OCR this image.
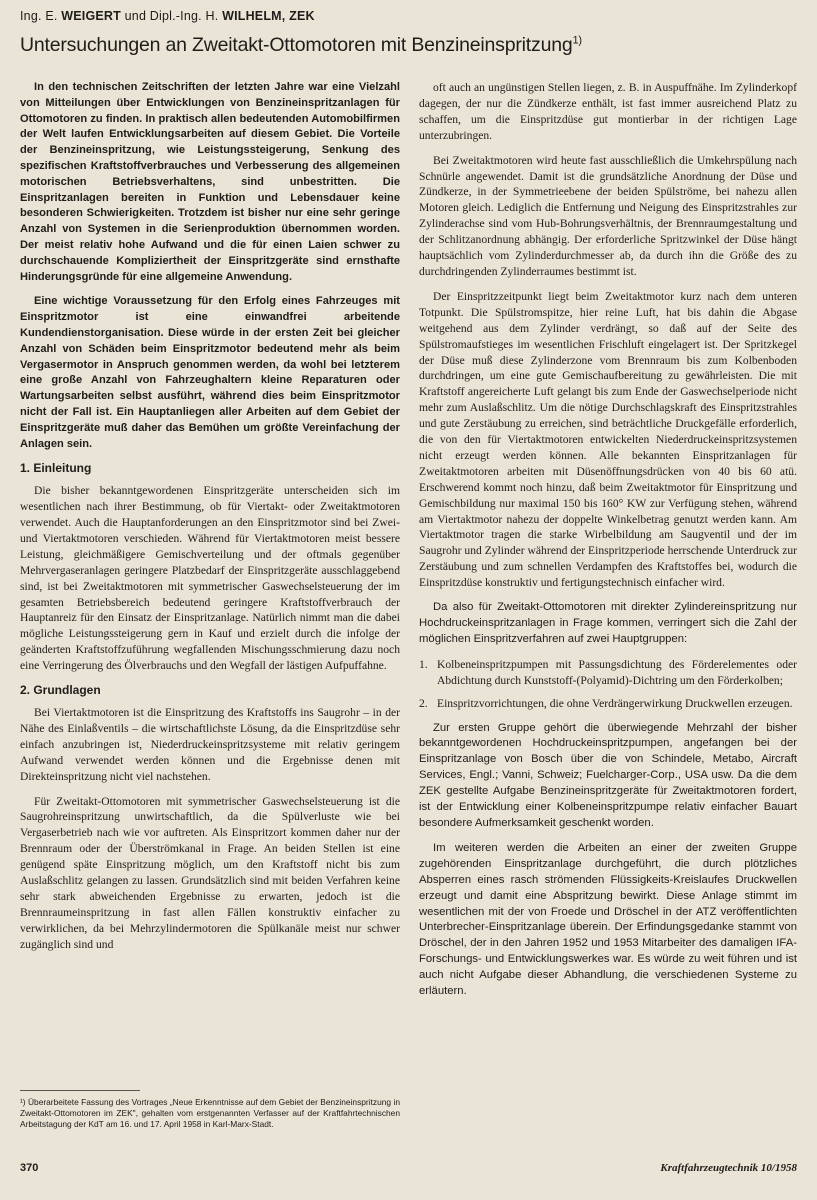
Ing. E. WEIGERT und Dipl.-Ing. H. WILHELM, ZEK
Untersuchungen an Zweitakt-Ottomotoren mit Benzineinspritzung$^{1)}$

In den technischen Zeitschriften der letzten Jahre war eine Vielzahl von Mitteilungen über Entwicklungen von Benzineinspritzanlagen für Ottomotoren zu finden. In praktisch allen bedeutenden Automobilfirmen der Welt laufen Entwicklungsarbeiten auf diesem Gebiet. Die Vorteile der Benzineinspritzung, wie Leistungssteigerung, Senkung des spezifischen Kraftstoffverbrauches und Verbesserung des allgemeinen motorischen Betriebsverhaltens, sind unbestritten. Die Einspritzanlagen bereiten in Funktion und Lebensdauer keine besonderen Schwierigkeiten. Trotzdem ist bisher nur eine sehr geringe Anzahl von Systemen in die Serienproduktion übernommen worden. Der meist relativ hohe Aufwand und die für einen Laien schwer zu durchschauende Kompliziertheit der Einspritzgeräte sind ernsthafte Hinderungsgründe für eine allgemeine Anwendung.

Eine wichtige Voraussetzung für den Erfolg eines Fahrzeuges mit Einspritzmotor ist eine einwandfrei arbeitende Kundendienstorganisation. Diese würde in der ersten Zeit bei gleicher Anzahl von Schäden beim Einspritzmotor bedeutend mehr als beim Vergasermotor in Anspruch genommen werden, da wohl bei letzterem eine große Anzahl von Fahrzeughaltern kleine Reparaturen oder Wartungsarbeiten selbst ausführt, während dies beim Einspritzmotor nicht der Fall ist. Ein Hauptanliegen aller Arbeiten auf dem Gebiet der Einspritzgeräte muß daher das Bemühen um größte Vereinfachung der Anlagen sein.

1. Einleitung

Die bisher bekanntgewordenen Einspritzgeräte unterscheiden sich im wesentlichen nach ihrer Bestimmung, ob für Viertakt- oder Zweitaktmotoren verwendet. Auch die Hauptanforderungen an den Einspritzmotor sind bei Zwei- und Viertaktmotoren verschieden. Während für Viertaktmotoren meist bessere Leistung, gleichmäßigere Gemischverteilung und der oftmals gegenüber Mehrvergaseranlagen geringere Platzbedarf der Einspritzgeräte ausschlaggebend sind, ist bei Zweitaktmotoren mit symmetrischer Gaswechselsteuerung der im gesamten Betriebsbereich bedeutend geringere Kraftstoffverbrauch der Hauptanreiz für den Einsatz der Einspritzanlage. Natürlich nimmt man die dabei mögliche Leistungssteigerung gern in Kauf und erzielt durch die infolge der geänderten Kraftstoffzuführung wegfallenden Mischungsschmierung dazu noch eine Verringerung des Ölverbrauchs und den Wegfall der lästigen Aufpuffahne.

2. Grundlagen

Bei Viertaktmotoren ist die Einspritzung des Kraftstoffs ins Saugrohr – in der Nähe des Einlaßventils – die wirtschaftlichste Lösung, da die Einspritzdüse sehr einfach anzubringen ist, Niederdruckeinspritzsysteme mit relativ geringem Aufwand verwendet werden können und die Ergebnisse denen mit Direkteinspritzung nicht viel nachstehen.

Für Zweitakt-Ottomotoren mit symmetrischer Gaswechselsteuerung ist die Saugrohreinspritzung unwirtschaftlich, da die Spülverluste wie bei Vergaserbetrieb nach wie vor auftreten. Als Einspritzort kommen daher nur der Brennraum oder der Überströmkanal in Frage. An beiden Stellen ist eine genügend späte Einspritzung möglich, um den Kraftstoff nicht bis zum Auslaßschlitz gelangen zu lassen. Grundsätzlich sind mit beiden Verfahren keine sehr stark abweichenden Ergebnisse zu erwarten, jedoch ist die Brennraumeinspritzung in fast allen Fällen konstruktiv einfacher zu verwirklichen, da bei Mehrzylindermotoren die Spülkanäle meist nur schwer zugänglich sind und

oft auch an ungünstigen Stellen liegen, z. B. in Auspuffnähe. Im Zylinderkopf dagegen, der nur die Zündkerze enthält, ist fast immer ausreichend Platz zu schaffen, um die Einspritzdüse gut montierbar in der richtigen Lage unterzubringen.

Bei Zweitaktmotoren wird heute fast ausschließlich die Umkehrspülung nach Schnürle angewendet. Damit ist die grundsätzliche Anordnung der Düse und Zündkerze, in der Symmetrieebene der beiden Spülströme, bei nahezu allen Motoren gleich. Lediglich die Entfernung und Neigung des Einspritzstrahles zur Zylinderachse sind vom Hub-Bohrungsverhältnis, der Brennraumgestaltung und der Schlitzanordnung abhängig. Der erforderliche Spritzwinkel der Düse hängt hauptsächlich vom Zylinderdurchmesser ab, da durch ihn die Größe des zu durchdringenden Zylinderraumes bestimmt ist.

Der Einspritzzeitpunkt liegt beim Zweitaktmotor kurz nach dem unteren Totpunkt. Die Spülstromspitze, hier reine Luft, hat bis dahin die Abgase weitgehend aus dem Zylinder verdrängt, so daß auf der Seite des Spülstromaufstieges im wesentlichen Frischluft eingelagert ist. Der Spritzkegel der Düse muß diese Zylinderzone vom Brennraum bis zum Kolbenboden durchdringen, um eine gute Gemischaufbereitung zu gewährleisten. Die mit Kraftstoff angereicherte Luft gelangt bis zum Ende der Gaswechselperiode nicht mehr zum Auslaßschlitz. Um die nötige Durchschlagskraft des Einspritzstrahles und gute Zerstäubung zu erreichen, sind beträchtliche Druckgefälle erforderlich, die von den für Viertaktmotoren entwickelten Niederdruckeinspritzsystemen nicht erzeugt werden können. Alle bekannten Einspritzanlagen für Zweitaktmotoren arbeiten mit Düsenöffnungsdrücken von 40 bis 60 atü. Erschwerend kommt noch hinzu, daß beim Zweitaktmotor für Einspritzung und Gemischbildung nur maximal 150 bis 160° KW zur Verfügung stehen, während am Viertaktmotor nahezu der doppelte Winkelbetrag genutzt werden kann. Am Viertaktmotor tragen die starke Wirbelbildung am Saugventil und der im Saugrohr und Zylinder während der Einspritzperiode herrschende Unterdruck zur Zerstäubung und zum schnellen Verdampfen des Kraftstoffes bei, wodurch die Einspritzdüse konstruktiv und fertigungstechnisch einfacher wird.

Da also für Zweitakt-Ottomotoren mit direkter Zylindereinspritzung nur Hochdruckeinspritzanlagen in Frage kommen, verringert sich die Zahl der möglichen Einspritzverfahren auf zwei Hauptgruppen:

1. Kolbeneinspritzpumpen mit Passungsdichtung des Förderelementes oder Abdichtung durch Kunststoff-(Polyamid)-Dichtring um den Förderkolben;
2. Einspritzvorrichtungen, die ohne Verdrängerwirkung Druckwellen erzeugen.

Zur ersten Gruppe gehört die überwiegende Mehrzahl der bisher bekanntgewordenen Hochdruckeinspritzpumpen, angefangen bei der Einspritzanlage von Bosch über die von Schindele, Metabo, Aircraft Services, Engl.; Vanni, Schweiz; Fuelcharger-Corp., USA usw. Da die dem ZEK gestellte Aufgabe Benzineinspritzgeräte für Zweitaktmotoren fordert, ist der Entwicklung einer Kolbeneinspritzpumpe relativ einfacher Bauart besondere Aufmerksamkeit geschenkt worden.

Im weiteren werden die Arbeiten an einer der zweiten Gruppe zugehörenden Einspritzanlage durchgeführt, die durch plötzliches Absperren eines rasch strömenden Flüssigkeits-Kreislaufes Druckwellen erzeugt und damit eine Abspritzung bewirkt. Diese Anlage stimmt im wesentlichen mit der von Froede und Dröschel in der ATZ veröffentlichten Unterbrecher-Einspritzanlage überein. Der Erfindungsgedanke stammt von Dröschel, der in den Jahren 1952 und 1953 Mitarbeiter des damaligen IFA-Forschungs- und Entwicklungswerkes war. Es würde zu weit führen und ist auch nicht Aufgabe dieser Abhandlung, die verschiedenen Systeme zu erläutern.

¹) Überarbeitete Fassung des Vortrages „Neue Erkenntnisse auf dem Gebiet der Benzineinspritzung in Zweitakt-Ottomotoren im ZEK", gehalten vom erstgenannten Verfasser auf der Kraftfahrtechnischen Arbeitstagung der KdT am 16. und 17. April 1958 in Karl-Marx-Stadt.
370	Kraftfahrzeugtechnik 10/1958
